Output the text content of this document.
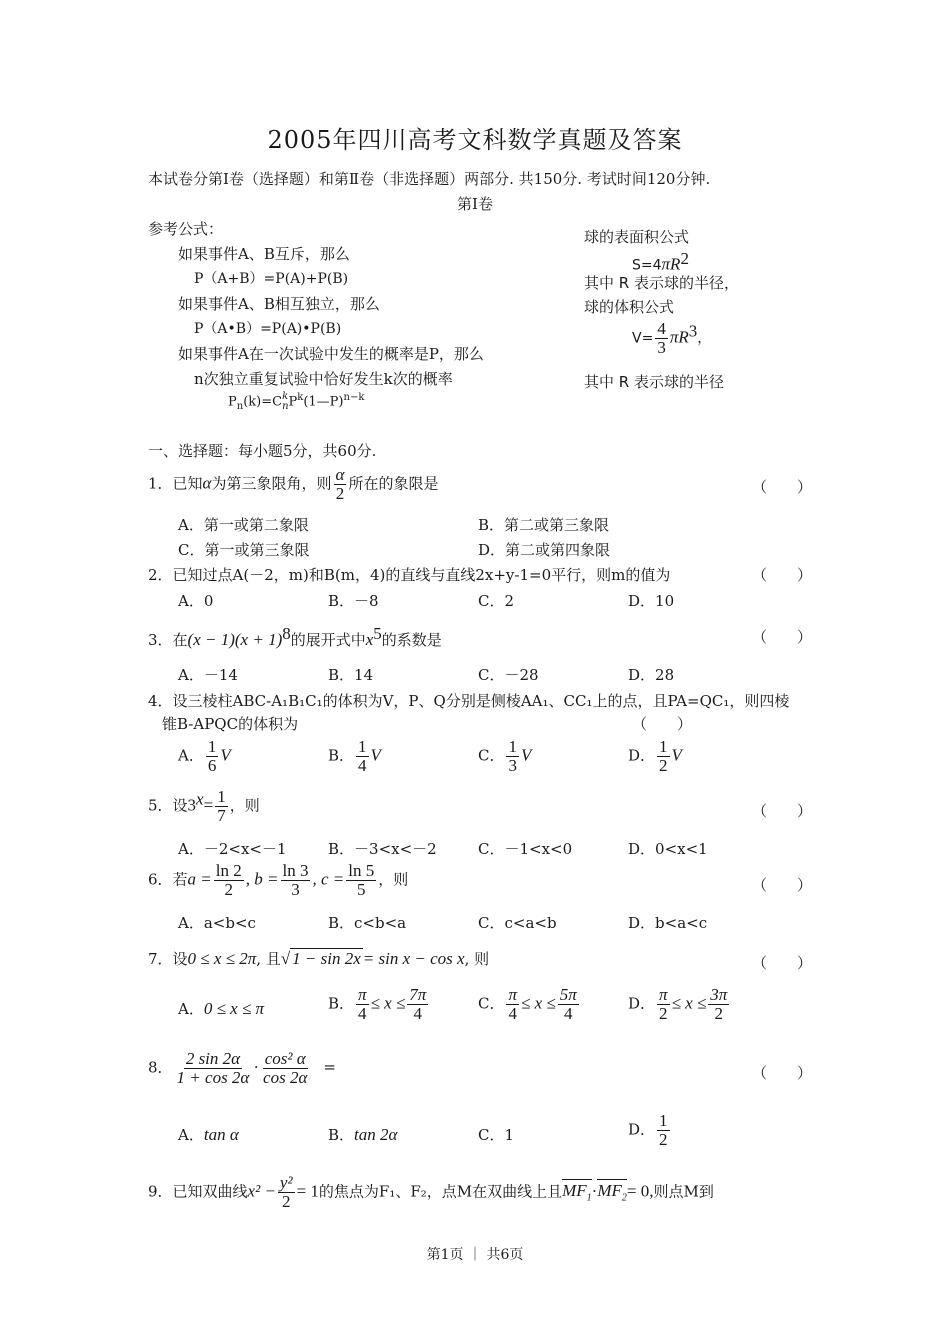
2005年四川高考文科数学真题及答案
本试卷分第Ⅰ卷（选择题）和第Ⅱ卷（非选择题）两部分. 共150分. 考试时间120分钟.
第Ⅰ卷
参考公式：
如果事件A、B互斥，那么
P（A+B）=P(A)+P(B)
如果事件A、B相互独立，那么
P（A•B）=P(A)•P(B)
如果事件A在一次试验中发生的概率是P，那么
n次独立重复试验中恰好发生k次的概率
$P_n(k)=C$ k
n $P^k(1—P)^{n-k}$
球的表面积公式
$S=4\pi R^2$
其中 R 表示球的半径，
球的体积公式
$V= \frac{4}{3} \pi R^3$，
其中 R 表示球的半径
一、选择题：每小题5分，共60分.
1．已知α为第三象限角，则 $\frac{\alpha}{2}$ 所在的象限是	（　　）
A．第一或第二象限	B．第二或第三象限
C．第一或第三象限	D．第二或第四象限
2．已知过点A(－2，m)和B(m，4)的直线与直线2x+y-1=0平行，则m的值为	（　　）
A．0	B．－8	C．2	D．10
3．在$(x - 1)(x + 1)^8$的展开式中$x^5$的系数是	（　　）
A．－14	B．14	C．－28	D．28
4．设三棱柱ABC-A₁B₁C₁的体积为V，P、Q分别是侧棱AA₁、CC₁上的点，且PA=QC₁，则四棱
锥B-APQC的体积为	（　　）
A． $\frac{1}{6}$ V	B． $\frac{1}{4}$ V	C． $\frac{1}{3}$ V	D． $\frac{1}{2}$ V
5．设$3^x= \frac{1}{7}$ ，则	（　　）
A．－2<x<－1	B．－3<x<－2	C．－1<x<0	D．0<x<1
6．若$a = \frac{\ln 2}{2}$ , $b = \frac{\ln 3}{3}$ , $c = \frac{\ln 5}{5}$ ，则	（　　）
A．a<b<c	B．c<b<a	C．c<a<b	D．b<a<c
7．设0 ≤ x ≤ 2π, 且√ 1 − sin 2x = sin x − cos x, 则	（　　）
A．0 ≤ x ≤ π	B． $\frac{\pi}{4} \le x \le \frac{7\pi}{4}$	C． $\frac{\pi}{4} \le x \le \frac{5\pi}{4}$	D． $\frac{\pi}{2} \le x \le \frac{3\pi}{2}$
8． $\frac{2 \sin 2\alpha}{1 + \cos 2\alpha} \cdot \frac{\text{cos² α}}{\cos 2\alpha}$ =	（　　）
A．tan α	B．tan 2α	C．1	D． $\frac{1}{2}$
9．已知双曲线$x^2 - \frac{\text{y²}}{2} = 1$的焦点为F₁、F₂，点M在双曲线上且$MF_1\cdot MF_2= 0$,则点M到
第1页 ｜ 共6页
